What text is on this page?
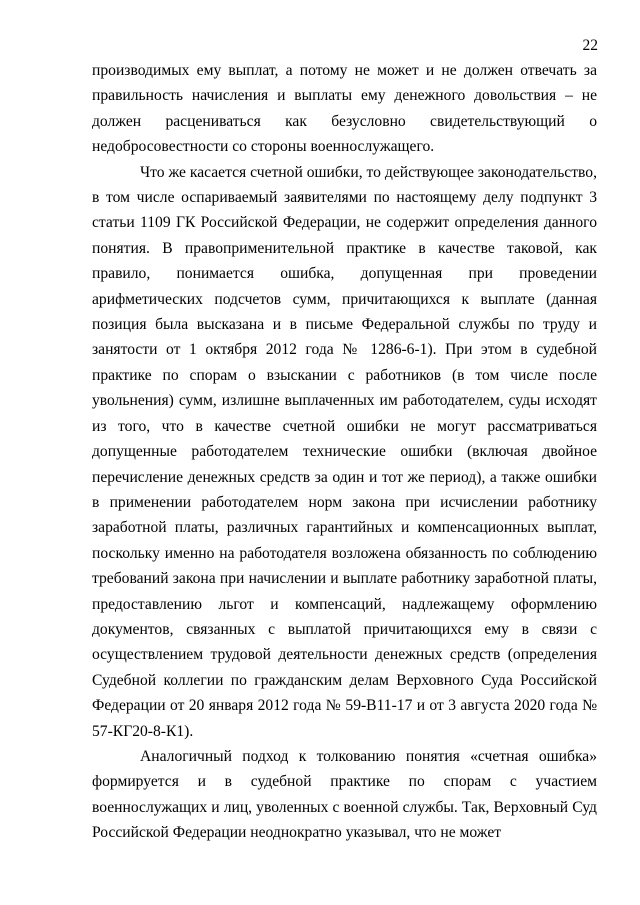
22

производимых ему выплат, а потому не может и не должен отвечать за правильность начисления и выплаты ему денежного довольствия – не должен расцениваться как безусловно свидетельствующий о недобросовестности со стороны военнослужащего.

Что же касается счетной ошибки, то действующее законодательство, в том числе оспариваемый заявителями по настоящему делу подпункт 3 статьи 1109 ГК Российской Федерации, не содержит определения данного понятия. В правоприменительной практике в качестве таковой, как правило, понимается ошибка, допущенная при проведении арифметических подсчетов сумм, причитающихся к выплате (данная позиция была высказана и в письме Федеральной службы по труду и занятости от 1 октября 2012 года № 1286-6-1). При этом в судебной практике по спорам о взыскании с работников (в том числе после увольнения) сумм, излишне выплаченных им работодателем, суды исходят из того, что в качестве счетной ошибки не могут рассматриваться допущенные работодателем технические ошибки (включая двойное перечисление денежных средств за один и тот же период), а также ошибки в применении работодателем норм закона при исчислении работнику заработной платы, различных гарантийных и компенсационных выплат, поскольку именно на работодателя возложена обязанность по соблюдению требований закона при начислении и выплате работнику заработной платы, предоставлению льгот и компенсаций, надлежащему оформлению документов, связанных с выплатой причитающихся ему в связи с осуществлением трудовой деятельности денежных средств (определения Судебной коллегии по гражданским делам Верховного Суда Российской Федерации от 20 января 2012 года № 59-В11-17 и от 3 августа 2020 года № 57-КГ20-8-К1).

Аналогичный подход к толкованию понятия «счетная ошибка» формируется и в судебной практике по спорам с участием военнослужащих и лиц, уволенных с военной службы. Так, Верховный Суд Российской Федерации неоднократно указывал, что не может
